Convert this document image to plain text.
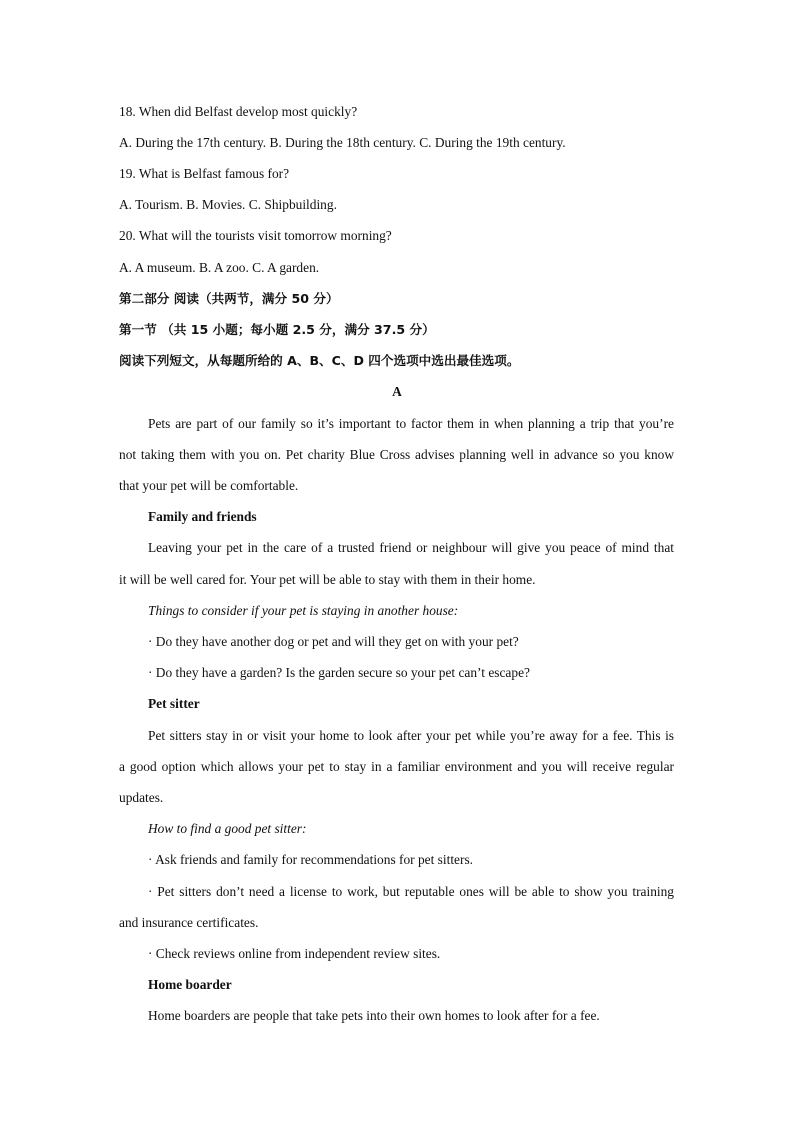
18. When did Belfast develop most quickly?
A. During the 17th century. B. During the 18th century. C. During the 19th century.
19. What is Belfast famous for?
A. Tourism. B. Movies. C. Shipbuilding.
20. What will the tourists visit tomorrow morning?
A. A museum. B. A zoo. C. A garden.
第二部分 阅读（共两节，满分 50 分）
第一节 （共 15 小题；每小题 2.5 分，满分 37.5 分）
阅读下列短文，从每题所给的 A、B、C、D 四个选项中选出最佳选项。
A
Pets are part of our family so it’s important to factor them in when planning a trip that you’re
not taking them with you on. Pet charity Blue Cross advises planning well in advance so you know
that your pet will be comfortable.
Family and friends
Leaving your pet in the care of a trusted friend or neighbour will give you peace of mind that
it will be well cared for. Your pet will be able to stay with them in their home.
Things to consider if your pet is staying in another house:
· Do they have another dog or pet and will they get on with your pet?
· Do they have a garden? Is the garden secure so your pet can’t escape?
Pet sitter
Pet sitters stay in or visit your home to look after your pet while you’re away for a fee. This is
a good option which allows your pet to stay in a familiar environment and you will receive regular
updates.
How to find a good pet sitter:
· Ask friends and family for recommendations for pet sitters.
· Pet sitters don’t need a license to work, but reputable ones will be able to show you training
and insurance certificates.
· Check reviews online from independent review sites.
Home boarder
Home boarders are people that take pets into their own homes to look after for a fee.
